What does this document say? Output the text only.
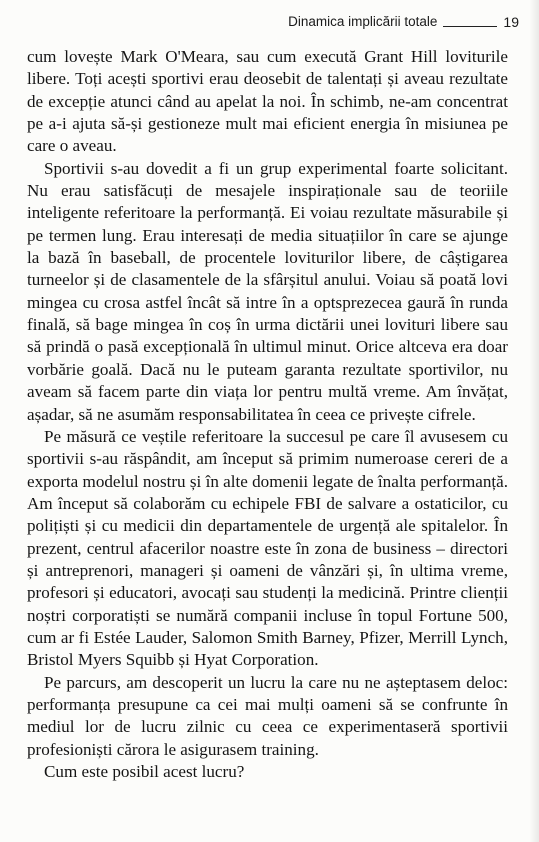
Dinamica implicării totale	19

cum lovește Mark O'Meara, sau cum execută Grant Hill loviturile libere. Toți acești sportivi erau deosebit de talentați și aveau rezultate de excepție atunci când au apelat la noi. În schimb, ne-am concentrat pe a-i ajuta să-și gestioneze mult mai eficient energia în misiunea pe care o aveau.

Sportivii s-au dovedit a fi un grup experimental foarte solicitant. Nu erau satisfăcuți de mesajele inspiraționale sau de teoriile inteligente referitoare la performanță. Ei voiau rezultate măsurabile și pe termen lung. Erau interesați de media situațiilor în care se ajunge la bază în baseball, de procentele loviturilor libere, de câștigarea turneelor și de clasamentele de la sfârșitul anului. Voiau să poată lovi mingea cu crosa astfel încât să intre în a optsprezecea gaură în runda finală, să bage mingea în coș în urma dictării unei lovituri libere sau să prindă o pasă excepțională în ultimul minut. Orice altceva era doar vorbărie goală. Dacă nu le puteam garanta rezultate sportivilor, nu aveam să facem parte din viața lor pentru multă vreme. Am învățat, așadar, să ne asumăm responsabilitatea în ceea ce privește cifrele.

Pe măsură ce veștile referitoare la succesul pe care îl avusesem cu sportivii s-au răspândit, am început să primim numeroase cereri de a exporta modelul nostru și în alte domenii legate de înalta performanță. Am început să colaborăm cu echipele FBI de salvare a ostaticilor, cu polițiști și cu medicii din departamentele de urgență ale spitalelor. În prezent, centrul afacerilor noastre este în zona de business – directori și antreprenori, manageri și oameni de vânzări și, în ultima vreme, profesori și educatori, avocați sau studenți la medicină. Printre clienții noștri corporatiști se numără companii incluse în topul Fortune 500, cum ar fi Estée Lauder, Salomon Smith Barney, Pfizer, Merrill Lynch, Bristol Myers Squibb și Hyat Corporation.

Pe parcurs, am descoperit un lucru la care nu ne așteptasem deloc: performanța presupune ca cei mai mulți oameni să se confrunte în mediul lor de lucru zilnic cu ceea ce experimentaseră sportivii profesioniști cărora le asigurasem training.

Cum este posibil acest lucru?
